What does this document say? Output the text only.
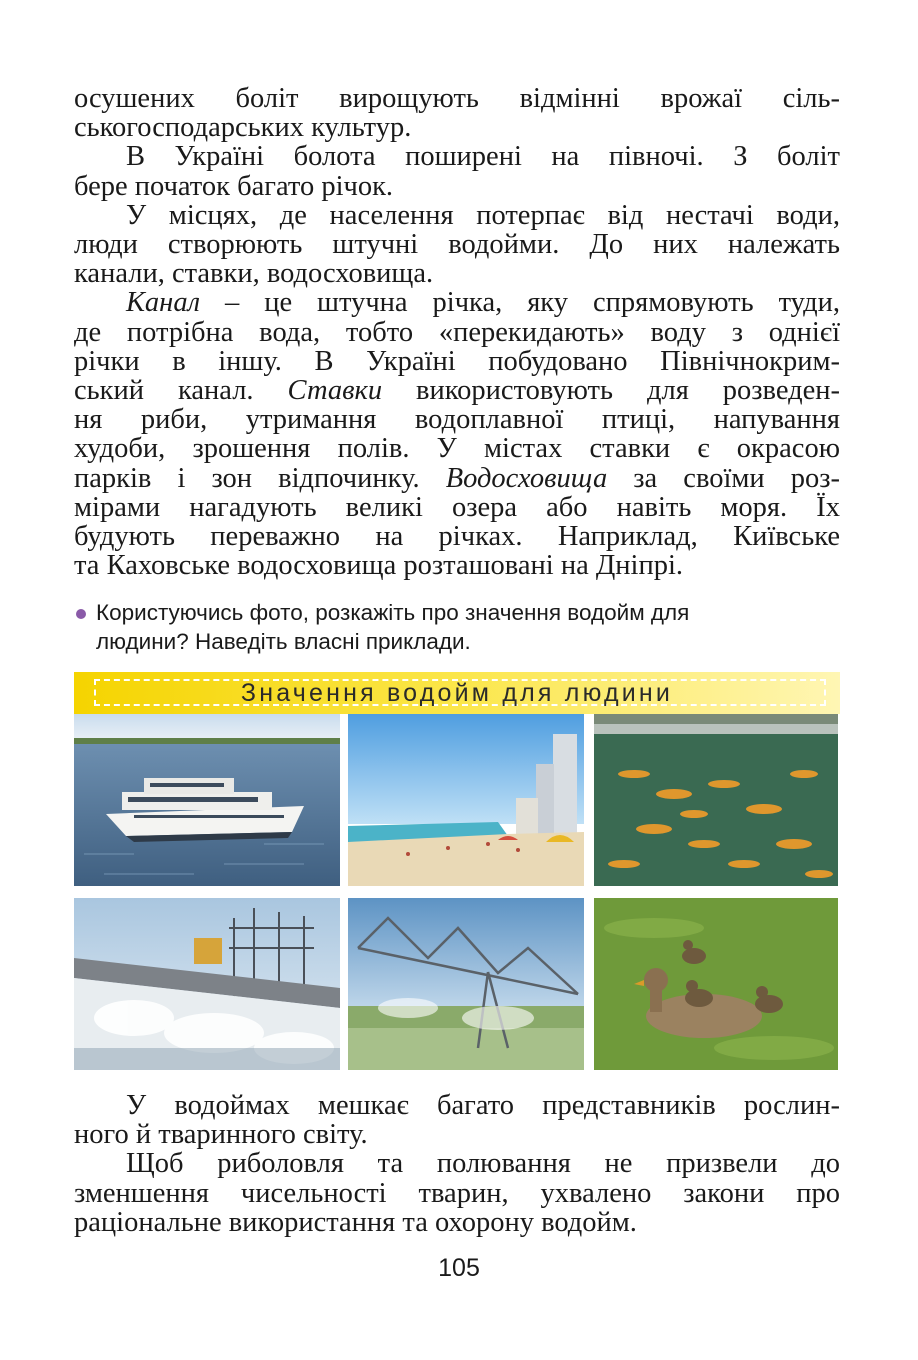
осушених боліт вирощують відмінні врожаї сіль-
ськогосподарських культур.
В Україні болота поширені на півночі. З боліт
бере початок багато річок.
У місцях, де населення потерпає від нестачі води,
люди створюють штучні водойми. До них належать
канали, ставки, водосховища.
Канал – це штучна річка, яку спрямовують туди,
де потрібна вода, тобто «перекидають» воду з однієї
річки в іншу. В Україні побудовано Північнокрим-
ський канал. Ставки використовують для розведен-
ня риби, утримання водоплавної птиці, напування
худоби, зрошення полів. У містах ставки є окрасою
парків і зон відпочинку. Водосховища за своїми роз-
мірами нагадують великі озера або навіть моря. Їх
будують переважно на річках. Наприклад, Київське
та Каховське водосховища розташовані на Дніпрі.
Користуючись фото, розкажіть про значення водойм для
людини? Наведіть власні приклади.
Значення водойм для людини
У водоймах мешкає багато представників рослин-
ного й тваринного світу.
Щоб риболовля та полювання не призвели до
зменшення чисельності тварин, ухвалено закони про
раціональне використання та охорону водойм.
105
